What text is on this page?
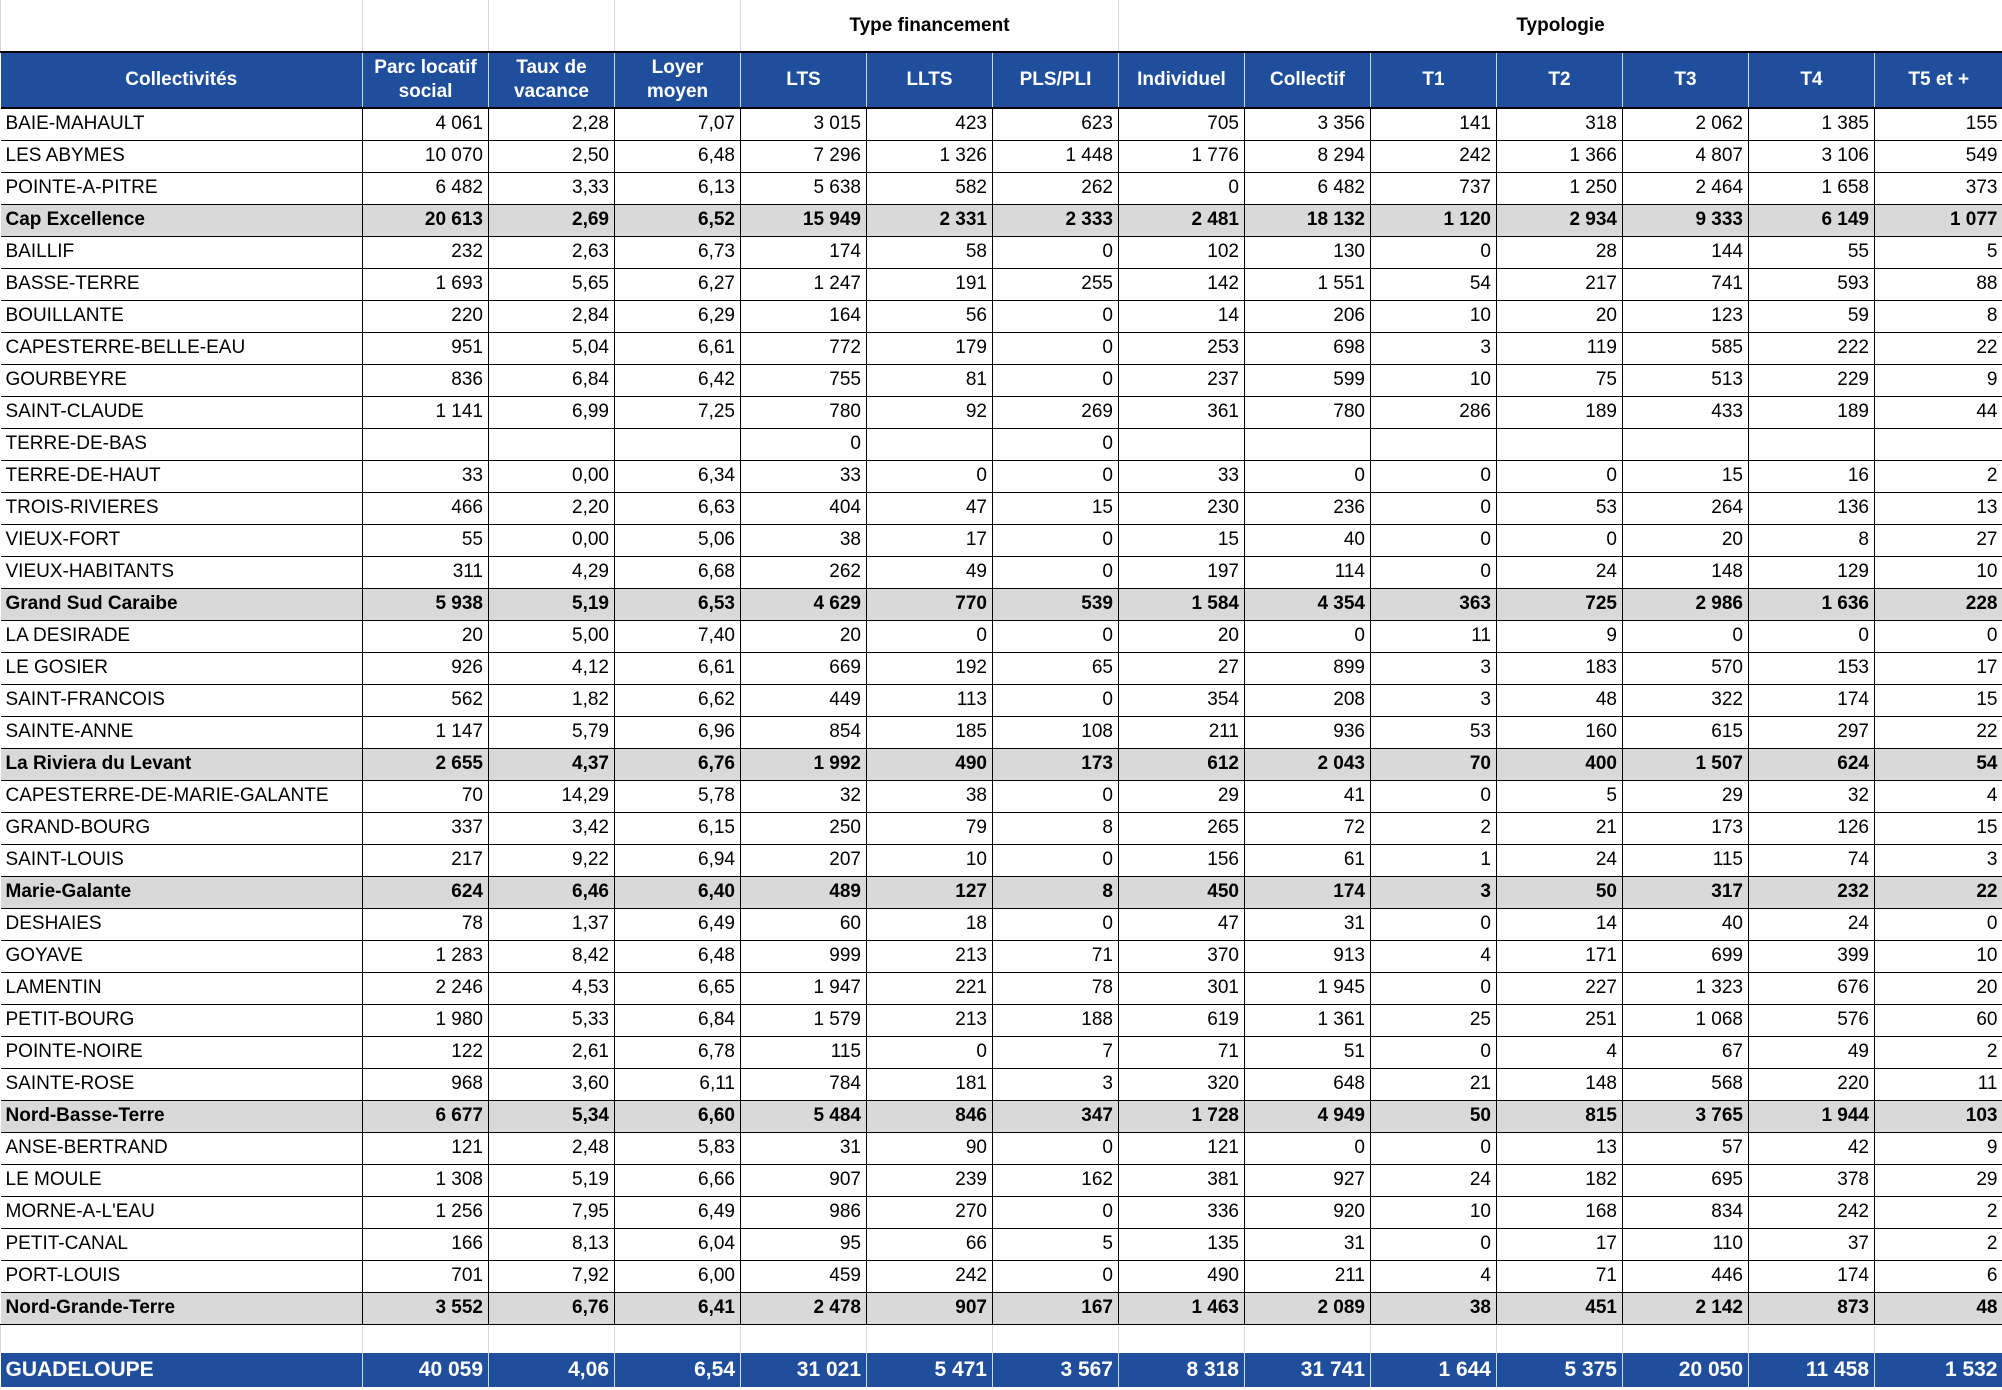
				Type financement			Typologie						
Collectivités	Parc locatif social	Taux de vacance	Loyer moyen	LTS	LLTS	PLS/PLI	Individuel	Collectif	T1	T2	T3	T4	T5 et +
BAIE-MAHAULT	4 061	2,28	7,07	3 015	423	623	705	3 356	141	318	2 062	1 385	155
LES ABYMES	10 070	2,50	6,48	7 296	1 326	1 448	1 776	8 294	242	1 366	4 807	3 106	549
POINTE-A-PITRE	6 482	3,33	6,13	5 638	582	262	0	6 482	737	1 250	2 464	1 658	373
Cap Excellence	20 613	2,69	6,52	15 949	2 331	2 333	2 481	18 132	1 120	2 934	9 333	6 149	1 077
BAILLIF	232	2,63	6,73	174	58	0	102	130	0	28	144	55	5
BASSE-TERRE	1 693	5,65	6,27	1 247	191	255	142	1 551	54	217	741	593	88
BOUILLANTE	220	2,84	6,29	164	56	0	14	206	10	20	123	59	8
CAPESTERRE-BELLE-EAU	951	5,04	6,61	772	179	0	253	698	3	119	585	222	22
GOURBEYRE	836	6,84	6,42	755	81	0	237	599	10	75	513	229	9
SAINT-CLAUDE	1 141	6,99	7,25	780	92	269	361	780	286	189	433	189	44
TERRE-DE-BAS				0		0							
TERRE-DE-HAUT	33	0,00	6,34	33	0	0	33	0	0	0	15	16	2
TROIS-RIVIERES	466	2,20	6,63	404	47	15	230	236	0	53	264	136	13
VIEUX-FORT	55	0,00	5,06	38	17	0	15	40	0	0	20	8	27
VIEUX-HABITANTS	311	4,29	6,68	262	49	0	197	114	0	24	148	129	10
Grand Sud Caraibe	5 938	5,19	6,53	4 629	770	539	1 584	4 354	363	725	2 986	1 636	228
LA DESIRADE	20	5,00	7,40	20	0	0	20	0	11	9	0	0	0
LE GOSIER	926	4,12	6,61	669	192	65	27	899	3	183	570	153	17
SAINT-FRANCOIS	562	1,82	6,62	449	113	0	354	208	3	48	322	174	15
SAINTE-ANNE	1 147	5,79	6,96	854	185	108	211	936	53	160	615	297	22
La Riviera du Levant	2 655	4,37	6,76	1 992	490	173	612	2 043	70	400	1 507	624	54
CAPESTERRE-DE-MARIE-GALANTE	70	14,29	5,78	32	38	0	29	41	0	5	29	32	4
GRAND-BOURG	337	3,42	6,15	250	79	8	265	72	2	21	173	126	15
SAINT-LOUIS	217	9,22	6,94	207	10	0	156	61	1	24	115	74	3
Marie-Galante	624	6,46	6,40	489	127	8	450	174	3	50	317	232	22
DESHAIES	78	1,37	6,49	60	18	0	47	31	0	14	40	24	0
GOYAVE	1 283	8,42	6,48	999	213	71	370	913	4	171	699	399	10
LAMENTIN	2 246	4,53	6,65	1 947	221	78	301	1 945	0	227	1 323	676	20
PETIT-BOURG	1 980	5,33	6,84	1 579	213	188	619	1 361	25	251	1 068	576	60
POINTE-NOIRE	122	2,61	6,78	115	0	7	71	51	0	4	67	49	2
SAINTE-ROSE	968	3,60	6,11	784	181	3	320	648	21	148	568	220	11
Nord-Basse-Terre	6 677	5,34	6,60	5 484	846	347	1 728	4 949	50	815	3 765	1 944	103
ANSE-BERTRAND	121	2,48	5,83	31	90	0	121	0	0	13	57	42	9
LE MOULE	1 308	5,19	6,66	907	239	162	381	927	24	182	695	378	29
MORNE-A-L'EAU	1 256	7,95	6,49	986	270	0	336	920	10	168	834	242	2
PETIT-CANAL	166	8,13	6,04	95	66	5	135	31	0	17	110	37	2
PORT-LOUIS	701	7,92	6,00	459	242	0	490	211	4	71	446	174	6
Nord-Grande-Terre	3 552	6,76	6,41	2 478	907	167	1 463	2 089	38	451	2 142	873	48

GUADELOUPE	40 059	4,06	6,54	31 021	5 471	3 567	8 318	31 741	1 644	5 375	20 050	11 458	1 532
